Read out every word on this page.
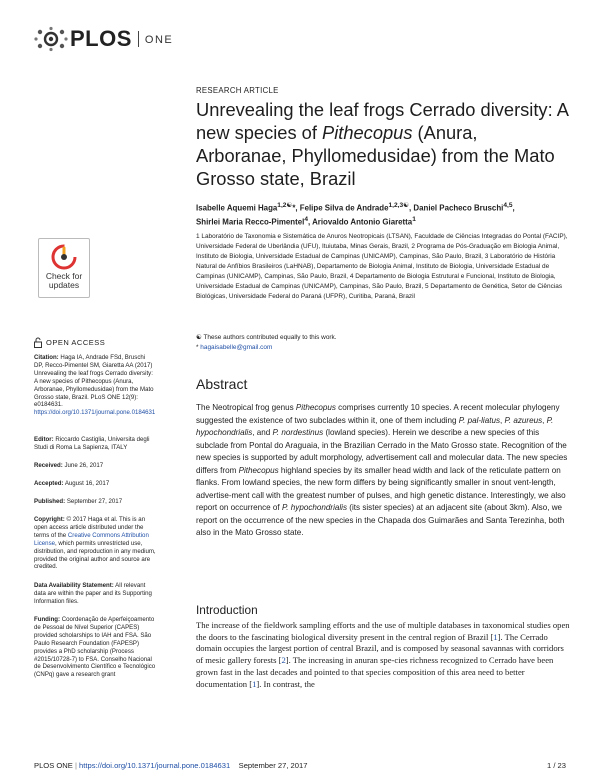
PLOS ONE
Check for
updates
OPEN ACCESS
Citation: Haga IA, Andrade FSd, Bruschi DP, Recco-Pimentel SM, Giaretta AA (2017) Unrevealing the leaf frogs Cerrado diversity: A new species of Pithecopus (Anura, Arboranae, Phyllomedusidae) from the Mato Grosso state, Brazil. PLoS ONE 12(9): e0184631. https://doi.org/10.1371/journal.pone.0184631
Editor: Riccardo Castiglia, Universita degli Studi di Roma La Sapienza, ITALY
Received: June 26, 2017
Accepted: August 16, 2017
Published: September 27, 2017
Copyright: © 2017 Haga et al. This is an open access article distributed under the terms of the Creative Commons Attribution License, which permits unrestricted use, distribution, and reproduction in any medium, provided the original author and source are credited.
Data Availability Statement: All relevant data are within the paper and its Supporting Information files.
Funding: Coordenação de Aperfeiçoamento de Pessoal de Nível Superior (CAPES) provided scholarships to IAH and FSA. São Paulo Research Foundation (FAPESP) provides a PhD scholarship (Process #2015/10728-7) to FSA. Conselho Nacional de Desenvolvimento Científico e Tecnológico (CNPq) gave a research grant
RESEARCH ARTICLE
Unrevealing the leaf frogs Cerrado diversity: A new species of Pithecopus (Anura, Arboranae, Phyllomedusidae) from the Mato Grosso state, Brazil
Isabelle Aquemi Haga$^{1,2☯}$*, Felipe Silva de Andrade$^{1,2,3☯}$, Daniel Pacheco Bruschi$^{4,5}$,
Shirlei Maria Recco-Pimentel$^4$, Ariovaldo Antonio Giaretta$^1$
1 Laboratório de Taxonomia e Sistemática de Anuros Neotropicais (LTSAN), Faculdade de Ciências Integradas do Pontal (FACIP), Universidade Federal de Uberlândia (UFU), Ituiutaba, Minas Gerais, Brazil, 2 Programa de Pós-Graduação em Biologia Animal, Instituto de Biologia, Universidade Estadual de Campinas (UNICAMP), Campinas, São Paulo, Brazil, 3 Laboratório de História Natural de Anfíbios Brasileiros (LaHNAB), Departamento de Biologia Animal, Instituto de Biologia, Universidade Estadual de Campinas (UNICAMP), Campinas, São Paulo, Brazil, 4 Departamento de Biologia Estrutural e Funcional, Instituto de Biologia, Universidade Estadual de Campinas (UNICAMP), Campinas, São Paulo, Brazil, 5 Departamento de Genética, Setor de Ciências Biológicas, Universidade Federal do Paraná (UFPR), Curitiba, Paraná, Brazil
☯ These authors contributed equally to this work.
* hagaisabelle@gmail.com
Abstract
The Neotropical frog genus Pithecopus comprises currently 10 species. A recent molecular phylogeny suggested the existence of two subclades within it, one of them including P. pal-liatus, P. azureus, P. hypochondrialis, and P. nordestinus (lowland species). Herein we describe a new species of this subclade from Pontal do Araguaia, in the Brazilian Cerrado in the Mato Grosso state. Recognition of the new species is supported by adult morphology, advertisement call and molecular data. The new species differs from Pithecopus highland species by its smaller head width and lack of the reticulate pattern on flanks. From lowland species, the new form differs by being significantly smaller in snout vent-length, advertise-ment call with the greatest number of pulses, and high genetic distance. Interestingly, we also report on occurrence of P. hypochondrialis (its sister species) at an adjacent site (about 3km). Also, we report on the occurrence of the new species in the Chapada dos Guimarães and Santa Terezinha, both also in the Mato Grosso state.
Introduction
The increase of the fieldwork sampling efforts and the use of multiple databases in taxonomical studies open the doors to the fascinating biological diversity present in the central region of Brazil [1]. The Cerrado domain occupies the largest portion of central Brazil, and is composed by seasonal savannas with corridors of mesic gallery forests [2]. The increasing in anuran spe-cies richness recognized to Cerrado have been grown fast in the last decades and pointed to that species composition of this area need to better documentation [1]. In contrast, the
PLOS ONE | https://doi.org/10.1371/journal.pone.0184631
September 27, 2017	1 / 23
